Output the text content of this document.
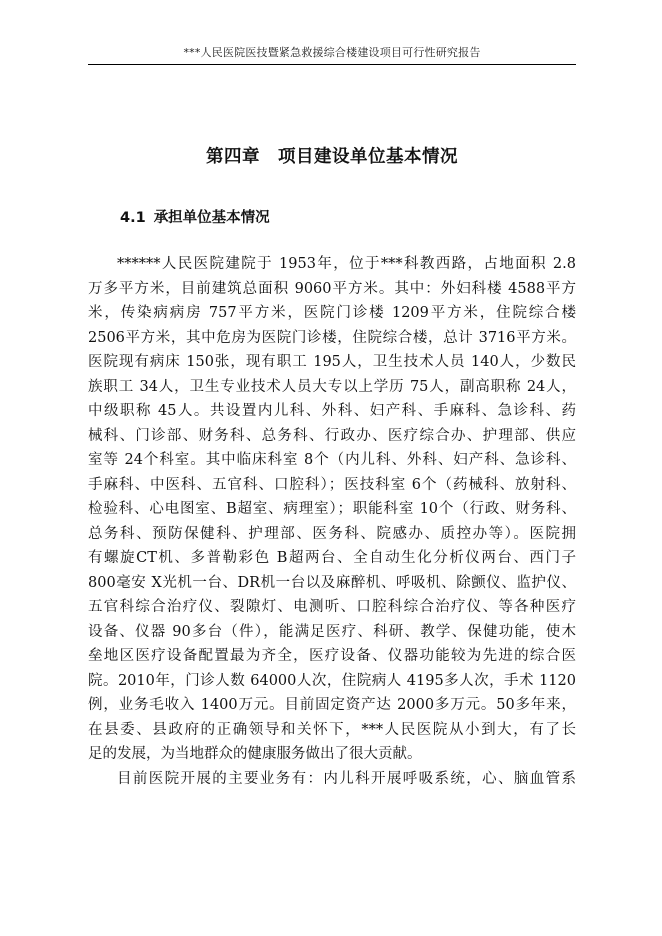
***人民医院医技暨紧急救援综合楼建设项目可行性研究报告
第四章 项目建设单位基本情况
4.1 承担单位基本情况
******人民医院建院于 1953年，位于***科教西路，占地面积 2.8
万多平方米，目前建筑总面积 9060平方米。其中：外妇科楼 4588平方
米，传染病病房 757平方米，医院门诊楼 1209平方米，住院综合楼
2506平方米，其中危房为医院门诊楼，住院综合楼，总计 3716平方米。
医院现有病床 150张，现有职工 195人，卫生技术人员 140人，少数民
族职工 34人，卫生专业技术人员大专以上学历 75人，副高职称 24人，
中级职称 45人。共设置内儿科、外科、妇产科、手麻科、急诊科、药
械科、门诊部、财务科、总务科、行政办、医疗综合办、护理部、供应
室等 24个科室。其中临床科室 8个（内儿科、外科、妇产科、急诊科、
手麻科、中医科、五官科、口腔科）；医技科室 6个（药械科、放射科、
检验科、心电图室、B超室、病理室）；职能科室 10个（行政、财务科、
总务科、预防保健科、护理部、医务科、院感办、质控办等）。医院拥
有螺旋CT机、多普勒彩色 B超两台、全自动生化分析仪两台、西门子
800毫安 X光机一台、DR机一台以及麻醉机、呼吸机、除颤仪、监护仪、
五官科综合治疗仪、裂隙灯、电测听、口腔科综合治疗仪、等各种医疗
设备、仪器 90多台（件），能满足医疗、科研、教学、保健功能，使木
垒地区医疗设备配置最为齐全，医疗设备、仪器功能较为先进的综合医
院。2010年，门诊人数 64000人次，住院病人 4195多人次，手术 1120
例，业务毛收入 1400万元。目前固定资产达 2000多万元。50多年来，
在县委、县政府的正确领导和关怀下，***人民医院从小到大，有了长
足的发展，为当地群众的健康服务做出了很大贡献。
目前医院开展的主要业务有：内儿科开展呼吸系统，心、脑血管系
